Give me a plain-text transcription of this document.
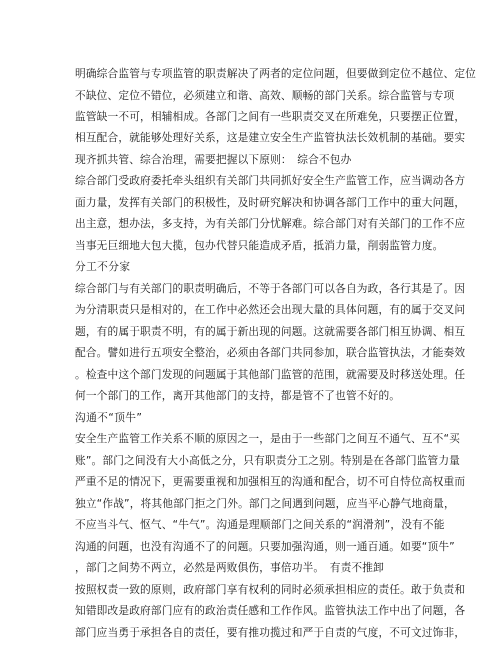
明确综合监管与专项监管的职责解决了两者的定位问题，但要做到定位不越位、定位

不缺位、定位不错位，必须建立和谐、高效、顺畅的部门关系。综合监管与专项

监管缺一不可，相辅相成。各部门之间有一些职责交叉在所难免，只要摆正位置，

相互配合，就能够处理好关系，这是建立安全生产监管执法长效机制的基础。要实

现齐抓共管、综合治理，需要把握以下原则：　综合不包办

综合部门受政府委托牵头组织有关部门共同抓好安全生产监管工作，应当调动各方

面力量，发挥有关部门的积极性，及时研究解决和协调各部门工作中的重大问题，

出主意，想办法，多支持，为有关部门分忧解难。综合部门对有关部门的工作不应

当事无巨细地大包大揽，包办代替只能造成矛盾，抵消力量，削弱监管力度。

分工不分家

综合部门与有关部门的职责明确后，不等于各部门可以各自为政，各行其是了。因

为分清职责只是相对的，在工作中必然还会出现大量的具体问题，有的属于交叉问

题，有的属于职责不明，有的属于新出现的问题。这就需要各部门相互协调、相互

配合。譬如进行五项安全整治，必须由各部门共同参加，联合监管执法，才能奏效

。检查中这个部门发现的问题属于其他部门监管的范围，就需要及时移送处理。任

何一个部门的工作，离开其他部门的支持，都是管不了也管不好的。

沟通不“顶牛”

安全生产监管工作关系不顺的原因之一，是由于一些部门之间互不通气、互不“买

账”。部门之间没有大小高低之分，只有职责分工之别。特别是在各部门监管力量

严重不足的情况下，更需要重视和加强相互的沟通和配合，切不可自恃位高权重而

独立“作战”，将其他部门拒之门外。部门之间遇到问题，应当平心静气地商量，

不应当斗气、怄气、“牛气”。沟通是理顺部门之间关系的“润滑剂”，没有不能

沟通的问题，也没有沟通不了的问题。只要加强沟通，则一通百通。如要“顶牛”

，部门之间势不两立，必然是两败俱伤，事倍功半。　有责不推卸

按照权责一致的原则，政府部门享有权利的同时必须承担相应的责任。敢于负责和

知错即改是政府部门应有的政治责任感和工作作风。监管执法工作中出了问题，各

部门应当勇于承担各自的责任，要有推功揽过和严于自责的气度，不可文过饰非，
